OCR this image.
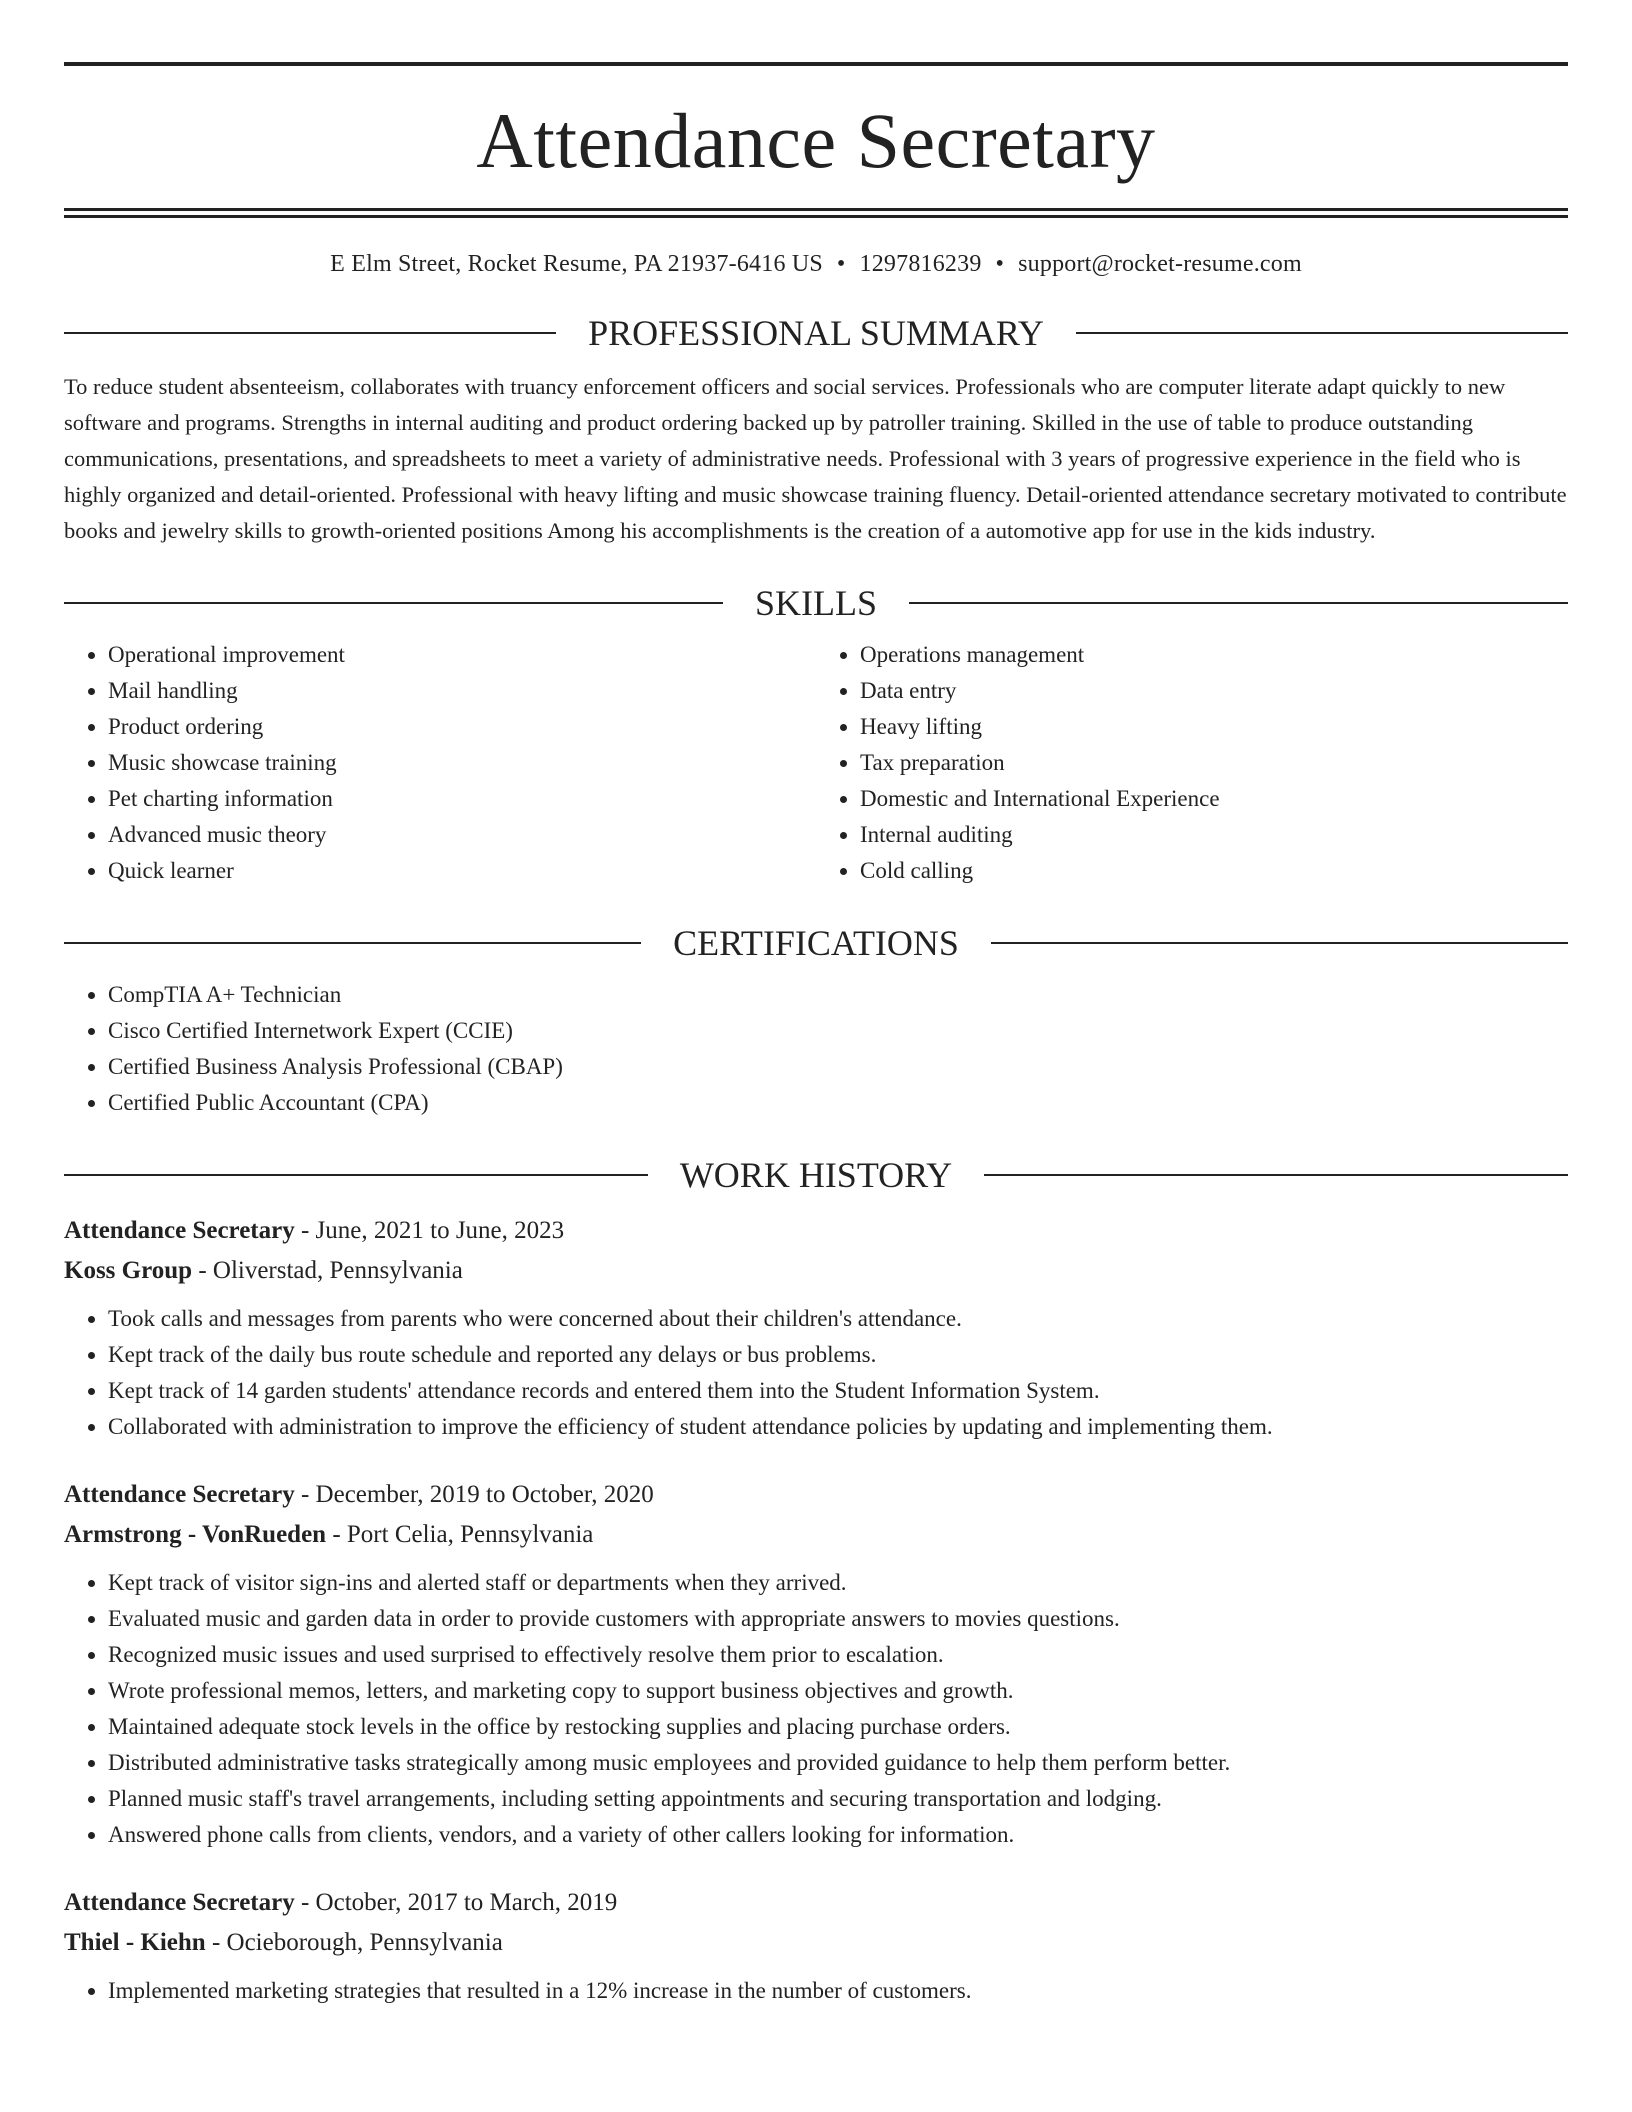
Attendance Secretary
E Elm Street, Rocket Resume, PA 21937-6416 US • 1297816239 • support@rocket-resume.com
PROFESSIONAL SUMMARY

To reduce student absenteeism, collaborates with truancy enforcement officers and social services. Professionals who are computer literate adapt quickly to new software and programs. Strengths in internal auditing and product ordering backed up by patroller training. Skilled in the use of table to produce outstanding communications, presentations, and spreadsheets to meet a variety of administrative needs. Professional with 3 years of progressive experience in the field who is highly organized and detail-oriented. Professional with heavy lifting and music showcase training fluency. Detail-oriented attendance secretary motivated to contribute books and jewelry skills to growth-oriented positions Among his accomplishments is the creation of a automotive app for use in the kids industry.

SKILLS
• Operational improvement
• Mail handling
• Product ordering
• Music showcase training
• Pet charting information
• Advanced music theory
• Quick learner
• Operations management
• Data entry
• Heavy lifting
• Tax preparation
• Domestic and International Experience
• Internal auditing
• Cold calling
CERTIFICATIONS
• CompTIA A+ Technician
• Cisco Certified Internetwork Expert (CCIE)
• Certified Business Analysis Professional (CBAP)
• Certified Public Accountant (CPA)
WORK HISTORY
Attendance Secretary - June, 2021 to June, 2023
Koss Group - Oliverstad, Pennsylvania
• Took calls and messages from parents who were concerned about their children's attendance.
• Kept track of the daily bus route schedule and reported any delays or bus problems.
• Kept track of 14 garden students' attendance records and entered them into the Student Information System.
• Collaborated with administration to improve the efficiency of student attendance policies by updating and implementing them.
Attendance Secretary - December, 2019 to October, 2020
Armstrong - VonRueden - Port Celia, Pennsylvania
• Kept track of visitor sign-ins and alerted staff or departments when they arrived.
• Evaluated music and garden data in order to provide customers with appropriate answers to movies questions.
• Recognized music issues and used surprised to effectively resolve them prior to escalation.
• Wrote professional memos, letters, and marketing copy to support business objectives and growth.
• Maintained adequate stock levels in the office by restocking supplies and placing purchase orders.
• Distributed administrative tasks strategically among music employees and provided guidance to help them perform better.
• Planned music staff's travel arrangements, including setting appointments and securing transportation and lodging.
• Answered phone calls from clients, vendors, and a variety of other callers looking for information.
Attendance Secretary - October, 2017 to March, 2019
Thiel - Kiehn - Ocieborough, Pennsylvania
• Implemented marketing strategies that resulted in a 12% increase in the number of customers.
